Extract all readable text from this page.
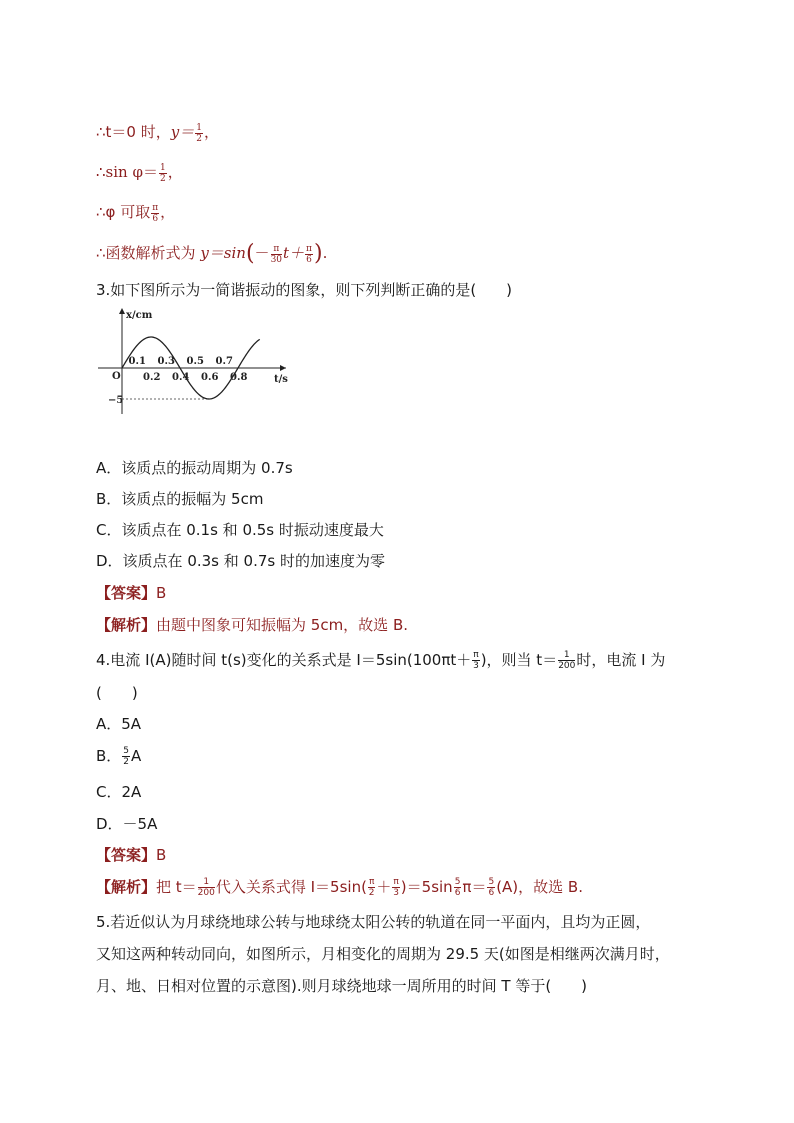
∴t＝0 时，$y= \frac{1}{2}$ ，
∴sin $\varphi= \frac{1}{2}$ ，
∴φ 可取 $\frac{\pi}{6}$ ，
∴函数解析式为 $y=\sin(- \frac{\pi}{30} t+ \frac{\pi}{6}$ ).
3.如下图所示为一简谐振动的图象，则下列判断正确的是(　　)
x/cm
t/s
O
−5
0.1 0.3 0.5 0.7
0.2 0.4 0.6 0.8
A．该质点的振动周期为 0.7s
B．该质点的振幅为 5cm
C．该质点在 0.1s 和 0.5s 时振动速度最大
D．该质点在 0.3s 和 0.7s 时的加速度为零
【答案】B
【解析】由题中图象可知振幅为 5cm，故选 B.
4.电流 I(A)随时间 t(s)变化的关系式是 $I=5\sin(100\pi t+ \frac{\pi}{3}$ )，则当 $t= \frac{1}{200}$ 时，电流 I 为
(　　)
A．5A
B． $\frac{5}{2}$ A
C．2A
D．－5A
【答案】B
【解析】把 $t= \frac{1}{200}$ 代入关系式得 $I=5\sin( \frac{\pi}{2} + \frac{\pi}{3} )=5\sin \frac{5}{6} \pi= \frac{5}{6} (A)$，故选 B.
5.若近似认为月球绕地球公转与地球绕太阳公转的轨道在同一平面内，且均为正圆，
又知这两种转动同向，如图所示，月相变化的周期为 29.5 天(如图是相继两次满月时，
月、地、日相对位置的示意图).则月球绕地球一周所用的时间 T 等于(　　)
